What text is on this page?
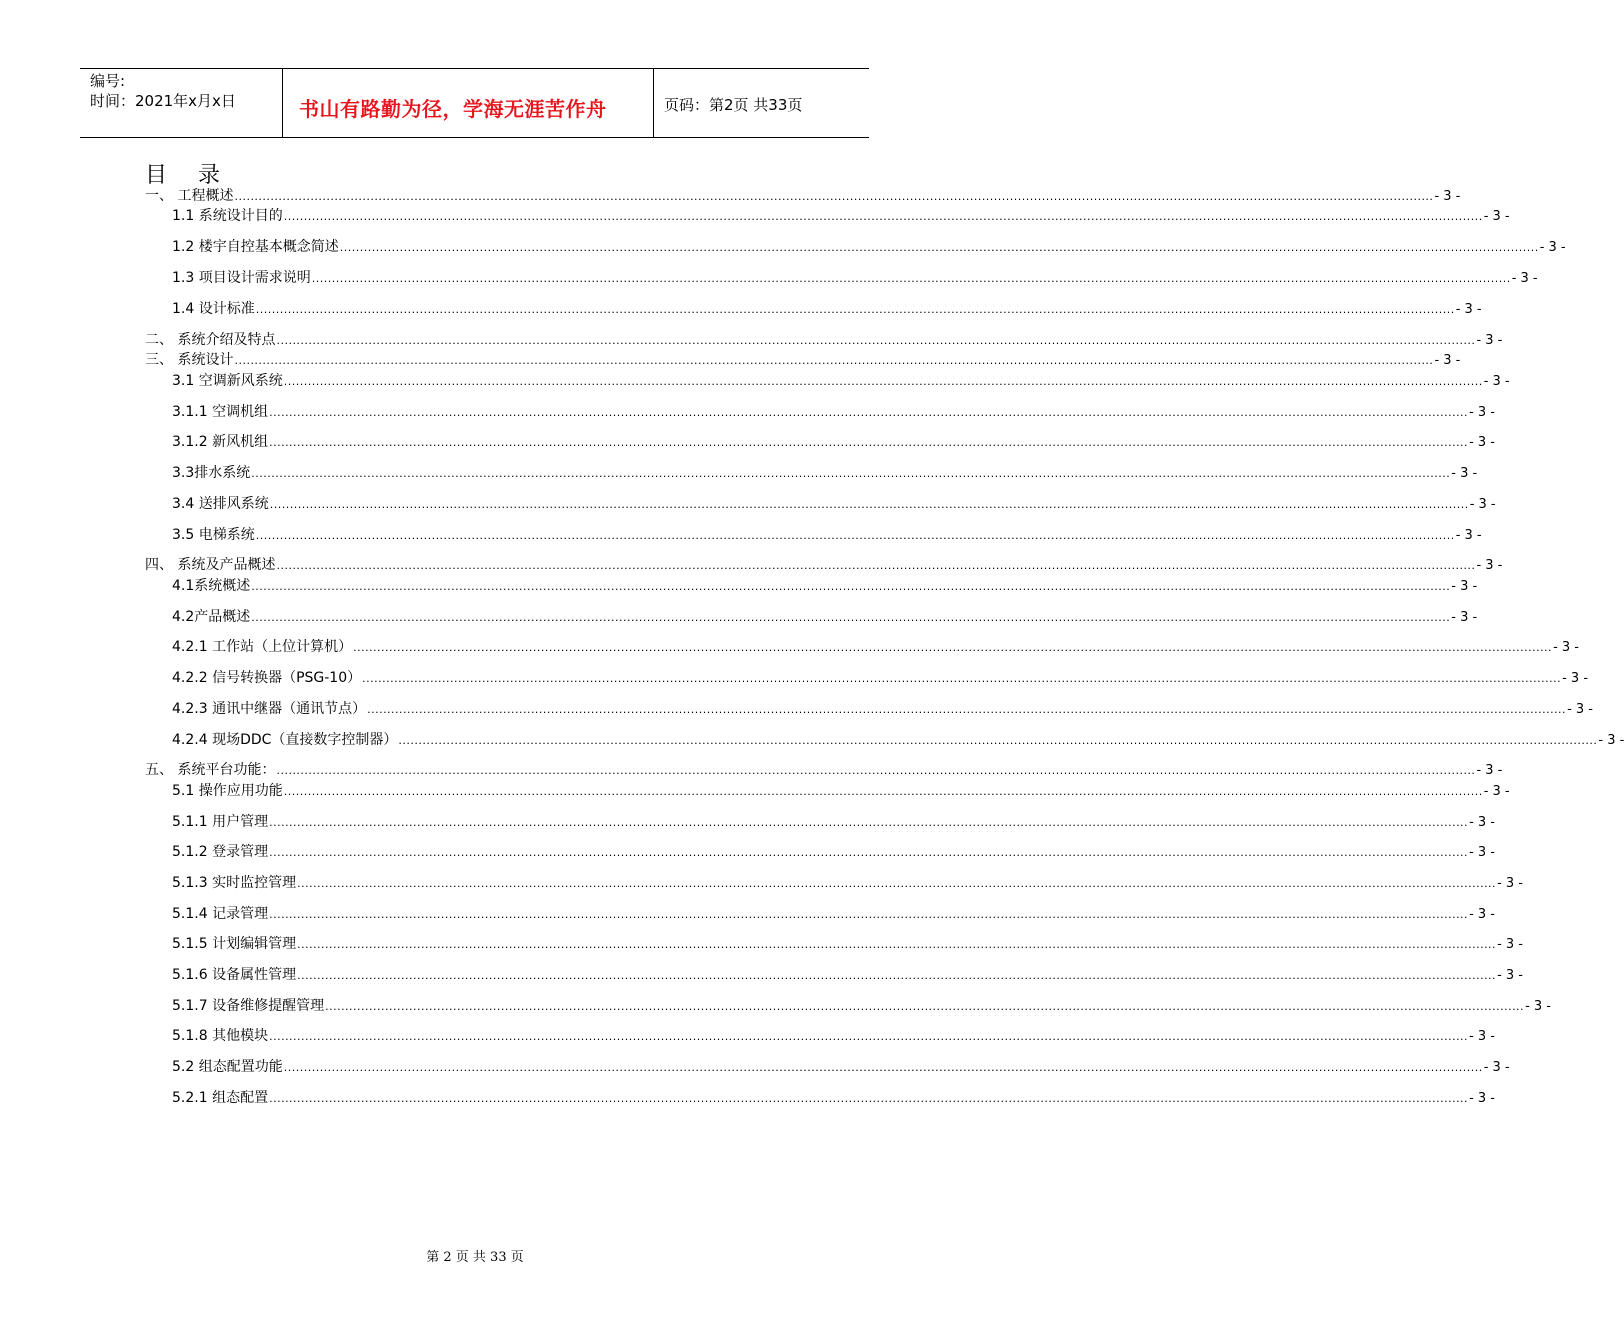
编号:
时间：2021年x月x日	书山有路勤为径，学海无涯苦作舟	页码：第2页 共33页
目 录
一、 工程概述 ............................................................................................................................................................................................................................................................................................................ - 3 -
1.1 系统设计目的 ............................................................................................................................................................................................................................................................................................................ - 3 -
1.2 楼宇自控基本概念简述 ............................................................................................................................................................................................................................................................................................................ - 3 -
1.3 项目设计需求说明 ............................................................................................................................................................................................................................................................................................................ - 3 -
1.4 设计标准 ............................................................................................................................................................................................................................................................................................................ - 3 -
二、 系统介绍及特点 ............................................................................................................................................................................................................................................................................................................ - 3 -
三、 系统设计 ............................................................................................................................................................................................................................................................................................................ - 3 -
3.1 空调新风系统 ............................................................................................................................................................................................................................................................................................................ - 3 -
3.1.1 空调机组 ............................................................................................................................................................................................................................................................................................................ - 3 -
3.1.2 新风机组 ............................................................................................................................................................................................................................................................................................................ - 3 -
3.3排水系统 ............................................................................................................................................................................................................................................................................................................ - 3 -
3.4 送排风系统 ............................................................................................................................................................................................................................................................................................................ - 3 -
3.5 电梯系统 ............................................................................................................................................................................................................................................................................................................ - 3 -
四、 系统及产品概述 ............................................................................................................................................................................................................................................................................................................ - 3 -
4.1系统概述 ............................................................................................................................................................................................................................................................................................................ - 3 -
4.2产品概述 ............................................................................................................................................................................................................................................................................................................ - 3 -
4.2.1 工作站（上位计算机） ............................................................................................................................................................................................................................................................................................................ - 3 -
4.2.2 信号转换器（PSG-10） ............................................................................................................................................................................................................................................................................................................ - 3 -
4.2.3 通讯中继器（通讯节点） ............................................................................................................................................................................................................................................................................................................ - 3 -
4.2.4 现场DDC（直接数字控制器） ............................................................................................................................................................................................................................................................................................................ - 3 -
五、 系统平台功能： ............................................................................................................................................................................................................................................................................................................ - 3 -
5.1 操作应用功能 ............................................................................................................................................................................................................................................................................................................ - 3 -
5.1.1 用户管理 ............................................................................................................................................................................................................................................................................................................ - 3 -
5.1.2 登录管理 ............................................................................................................................................................................................................................................................................................................ - 3 -
5.1.3 实时监控管理 ............................................................................................................................................................................................................................................................................................................ - 3 -
5.1.4 记录管理 ............................................................................................................................................................................................................................................................................................................ - 3 -
5.1.5 计划编辑管理 ............................................................................................................................................................................................................................................................................................................ - 3 -
5.1.6 设备属性管理 ............................................................................................................................................................................................................................................................................................................ - 3 -
5.1.7 设备维修提醒管理 ............................................................................................................................................................................................................................................................................................................ - 3 -
5.1.8 其他模块 ............................................................................................................................................................................................................................................................................................................ - 3 -
5.2 组态配置功能 ............................................................................................................................................................................................................................................................................................................ - 3 -
5.2.1 组态配置 ............................................................................................................................................................................................................................................................................................................ - 3 -
第 2 页 共 33 页
